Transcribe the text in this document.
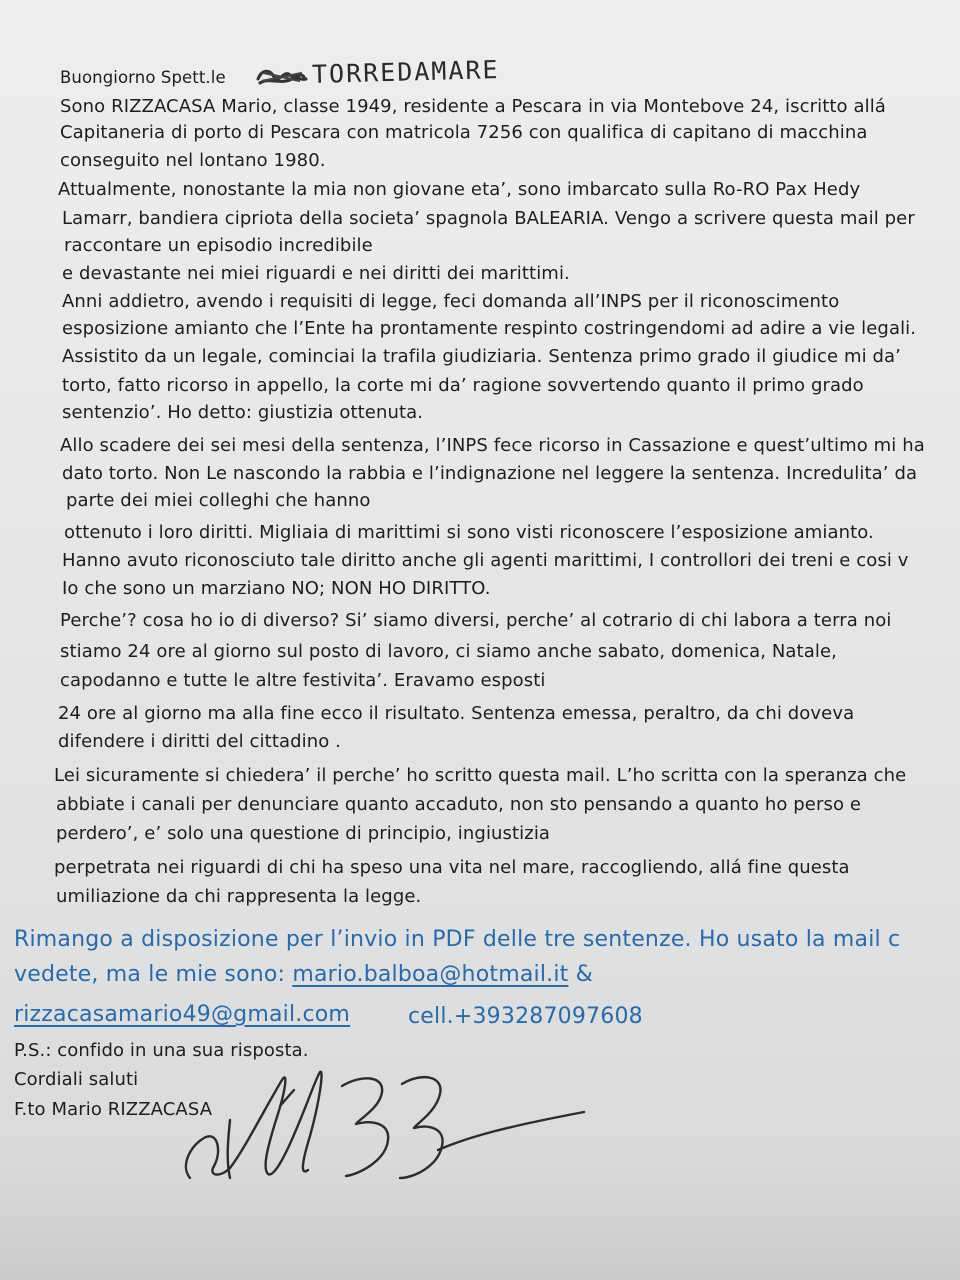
Buongiorno Spett.le	TORREDAMARE
Sono RIZZACASA Mario, classe 1949, residente a Pescara in via Montebove 24, iscritto allá
Capitaneria di porto di Pescara con matricola 7256 con qualifica di capitano di macchina
conseguito nel lontano 1980.
Attualmente, nonostante la mia non giovane eta’, sono imbarcato sulla Ro-RO Pax Hedy
Lamarr, bandiera cipriota della societa’ spagnola BALEARIA. Vengo a scrivere questa mail per
raccontare un episodio incredibile
e devastante nei miei riguardi e nei diritti dei marittimi.
Anni addietro, avendo i requisiti di legge, feci domanda all’INPS per il riconoscimento
esposizione amianto che l’Ente ha prontamente respinto costringendomi ad adire a vie legali.
Assistito da un legale, cominciai la trafila giudiziaria. Sentenza primo grado il giudice mi da’
torto, fatto ricorso in appello, la corte mi da’ ragione sovvertendo quanto il primo grado
sentenzio’. Ho detto: giustizia ottenuta.
Allo scadere dei sei mesi della sentenza, l’INPS fece ricorso in Cassazione e quest’ultimo mi ha
dato torto. Non Le nascondo la rabbia e l’indignazione nel leggere la sentenza. Incredulita’ da
parte dei miei colleghi che hanno
ottenuto i loro diritti. Migliaia di marittimi si sono visti riconoscere l’esposizione amianto.
Hanno avuto riconosciuto tale diritto anche gli agenti marittimi, I controllori dei treni e cosi v
Io che sono un marziano NO; NON HO DIRITTO.
Perche’? cosa ho io di diverso? Si’ siamo diversi, perche’ al cotrario di chi labora a terra noi
stiamo 24 ore al giorno sul posto di lavoro, ci siamo anche sabato, domenica, Natale,
capodanno e tutte le altre festivita’. Eravamo esposti
24 ore al giorno ma alla fine ecco il risultato. Sentenza emessa, peraltro, da chi doveva
difendere i diritti del cittadino .
Lei sicuramente si chiedera’ il perche’ ho scritto questa mail. L’ho scritta con la speranza che
abbiate i canali per denunciare quanto accaduto, non sto pensando a quanto ho perso e
perdero’, e’ solo una questione di principio, ingiustizia
perpetrata nei riguardi di chi ha speso una vita nel mare, raccogliendo, allá fine questa
umiliazione da chi rappresenta la legge.
Rimango a disposizione per l’invio in PDF delle tre sentenze. Ho usato la mail c
vedete, ma le mie sono: mario.balboa@hotmail.it &
rizzacasamario49@gmail.com	cell.+393287097608
P.S.: confido in una sua risposta.
Cordiali saluti
F.to Mario RIZZACASA
